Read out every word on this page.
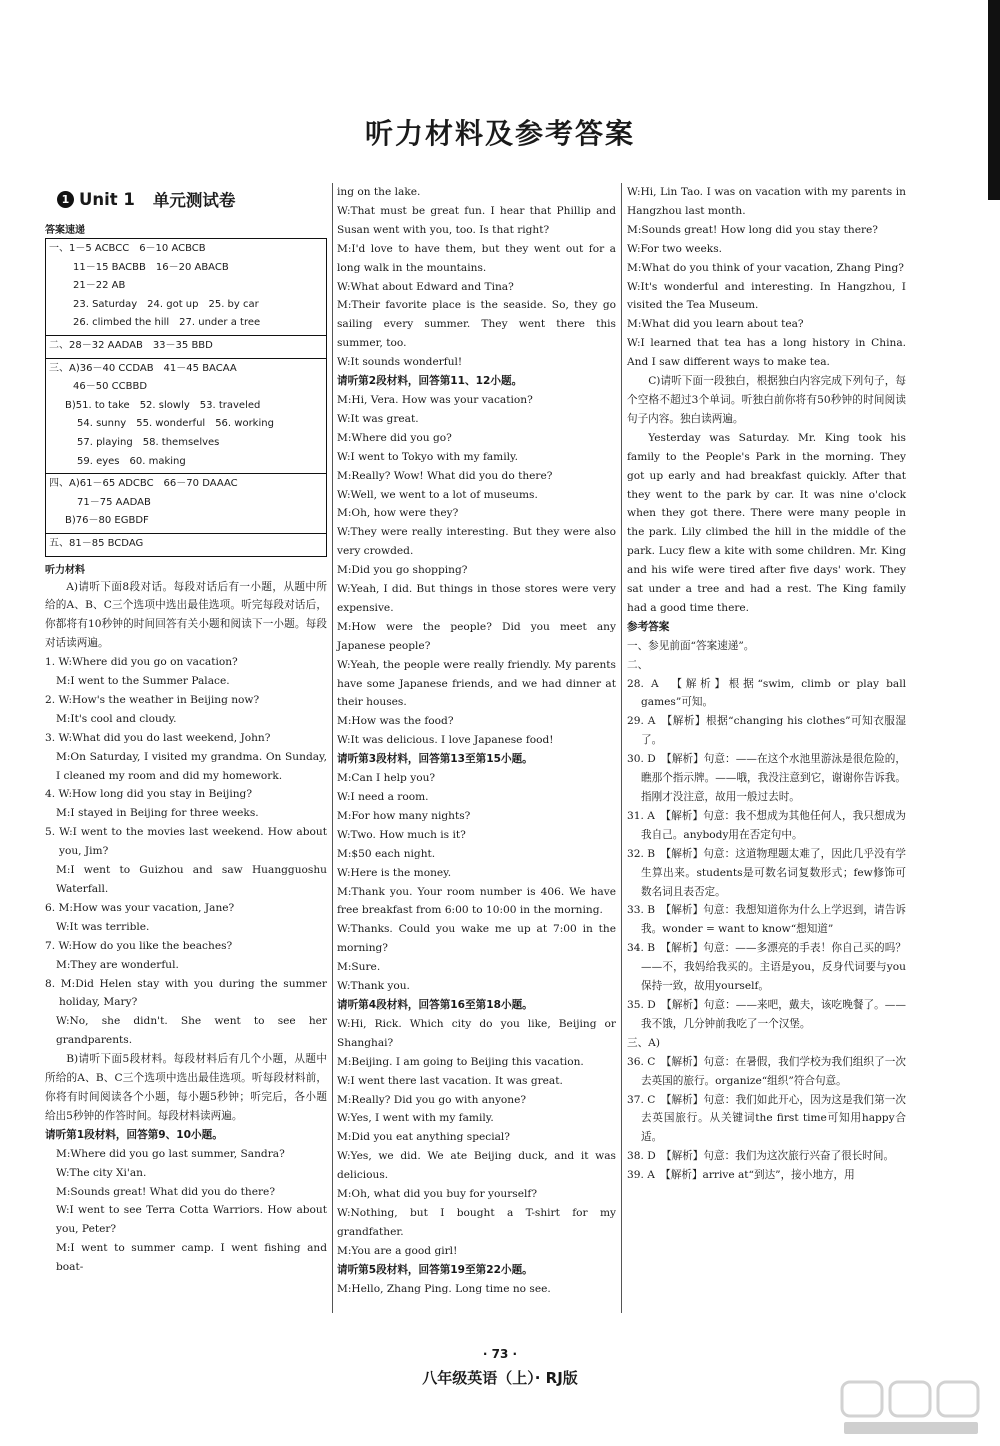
听力材料及参考答案
1 Unit 1 单元测试卷
答案速递
一、1－5 ACBCC　6－10 ACBCB
11－15 BACBB　16－20 ABACB
21－22 AB
23. Saturday　24. got up　25. by car
26. climbed the hill　27. under a tree
二、28－32 AADAB　33－35 BBD
三、A)36－40 CCDAB　41－45 BACAA
46－50 CCBBD
B)51. to take　52. slowly　53. traveled
54. sunny　55. wonderful　56. working
57. playing　58. themselves
59. eyes　60. making
四、A)61－65 ADCBC　66－70 DAAAC
71－75 AADAB
B)76－80 EGBDF
五、81－85 BCDAG
听力材料

A)请听下面8段对话。每段对话后有一小题，从题中所给的A、B、C三个选项中选出最佳选项。听完每段对话后，你都将有10秒钟的时间回答有关小题和阅读下一小题。每段对话读两遍。

1. W:Where did you go on vacation?

M:I went to the Summer Palace.

2. W:How's the weather in Beijing now?

M:It's cool and cloudy.

3. W:What did you do last weekend, John?

M:On Saturday, I visited my grandma. On Sunday, I cleaned my room and did my homework.

4. W:How long did you stay in Beijing?

M:I stayed in Beijing for three weeks.

5. W:I went to the movies last weekend. How about you, Jim?

M:I went to Guizhou and saw Huangguoshu Waterfall.

6. M:How was your vacation, Jane?

W:It was terrible.

7. W:How do you like the beaches?

M:They are wonderful.

8. M:Did Helen stay with you during the summer holiday, Mary?

W:No, she didn't. She went to see her grandparents.

B)请听下面5段材料。每段材料后有几个小题，从题中所给的A、B、C三个选项中选出最佳选项。听每段材料前，你将有时间阅读各个小题，每小题5秒钟；听完后，各小题给出5秒钟的作答时间。每段材料读两遍。

请听第1段材料，回答第9、10小题。

M:Where did you go last summer, Sandra?

W:The city Xi'an.

M:Sounds great! What did you do there?

W:I went to see Terra Cotta Warriors. How about you, Peter?

M:I went to summer camp. I went fishing and boat-

ing on the lake.

W:That must be great fun. I hear that Phillip and Susan went with you, too. Is that right?

M:I'd love to have them, but they went out for a long walk in the mountains.

W:What about Edward and Tina?

M:Their favorite place is the seaside. So, they go sailing every summer. They went there this summer, too.

W:It sounds wonderful!

请听第2段材料，回答第11、12小题。

M:Hi, Vera. How was your vacation?

W:It was great.

M:Where did you go?

W:I went to Tokyo with my family.

M:Really? Wow! What did you do there?

W:Well, we went to a lot of museums.

M:Oh, how were they?

W:They were really interesting. But they were also very crowded.

M:Did you go shopping?

W:Yeah, I did. But things in those stores were very expensive.

M:How were the people? Did you meet any Japanese people?

W:Yeah, the people were really friendly. My parents have some Japanese friends, and we had dinner at their houses.

M:How was the food?

W:It was delicious. I love Japanese food!

请听第3段材料，回答第13至第15小题。

M:Can I help you?

W:I need a room.

M:For how many nights?

W:Two. How much is it?

M:$50 each night.

W:Here is the money.

M:Thank you. Your room number is 406. We have free breakfast from 6:00 to 10:00 in the morning.

W:Thanks. Could you wake me up at 7:00 in the morning?

M:Sure.

W:Thank you.

请听第4段材料，回答第16至第18小题。

W:Hi, Rick. Which city do you like, Beijing or Shanghai?

M:Beijing. I am going to Beijing this vacation.

W:I went there last vacation. It was great.

M:Really? Did you go with anyone?

W:Yes, I went with my family.

M:Did you eat anything special?

W:Yes, we did. We ate Beijing duck, and it was delicious.

M:Oh, what did you buy for yourself?

W:Nothing, but I bought a T-shirt for my grandfather.

M:You are a good girl!

请听第5段材料，回答第19至第22小题。

M:Hello, Zhang Ping. Long time no see.

W:Hi, Lin Tao. I was on vacation with my parents in Hangzhou last month.

M:Sounds great! How long did you stay there?

W:For two weeks.

M:What do you think of your vacation, Zhang Ping?

W:It's wonderful and interesting. In Hangzhou, I visited the Tea Museum.

M:What did you learn about tea?

W:I learned that tea has a long history in China. And I saw different ways to make tea.

C)请听下面一段独白，根据独白内容完成下列句子，每个空格不超过3个单词。听独白前你将有50秒钟的时间阅读句子内容。独白读两遍。

Yesterday was Saturday. Mr. King took his family to the People's Park in the morning. They got up early and had breakfast quickly. After that they went to the park by car. It was nine o'clock when they got there. There were many people in the park. Lily climbed the hill in the middle of the park. Lucy flew a kite with some children. Mr. King and his wife were tired after five days' work. They sat under a tree and had a rest. The King family had a good time there.

参考答案

一、参见前面“答案速递”。

二、

28. A　【解析】根据“swim, climb or play ball games”可知。

29. A　【解析】根据“changing his clothes”可知衣服湿了。

30. D　【解析】句意：——在这个水池里游泳是很危险的，瞧那个指示牌。——哦，我没注意到它，谢谢你告诉我。指刚才没注意，故用一般过去时。

31. A　【解析】句意：我不想成为其他任何人，我只想成为我自己。anybody用在否定句中。

32. B　【解析】句意：这道物理题太难了，因此几乎没有学生算出来。students是可数名词复数形式；few修饰可数名词且表否定。

33. B　【解析】句意：我想知道你为什么上学迟到，请告诉我。wonder = want to know“想知道”

34. B　【解析】句意：——多漂亮的手表！你自己买的吗？——不，我妈给我买的。主语是you，反身代词要与you保持一致，故用yourself。

35. D　【解析】句意：——来吧，戴夫，该吃晚餐了。——我不饿，几分钟前我吃了一个汉堡。

三、A)

36. C　【解析】句意：在暑假，我们学校为我们组织了一次去英国的旅行。organize“组织”符合句意。

37. C　【解析】句意：我们如此开心，因为这是我们第一次去英国旅行。从关键词the first time可知用happy合适。

38. D　【解析】句意：我们为这次旅行兴奋了很长时间。

39. A　【解析】arrive at“到达”，接小地方，用

· 73 ·
八年级英语（上）· RJ版
